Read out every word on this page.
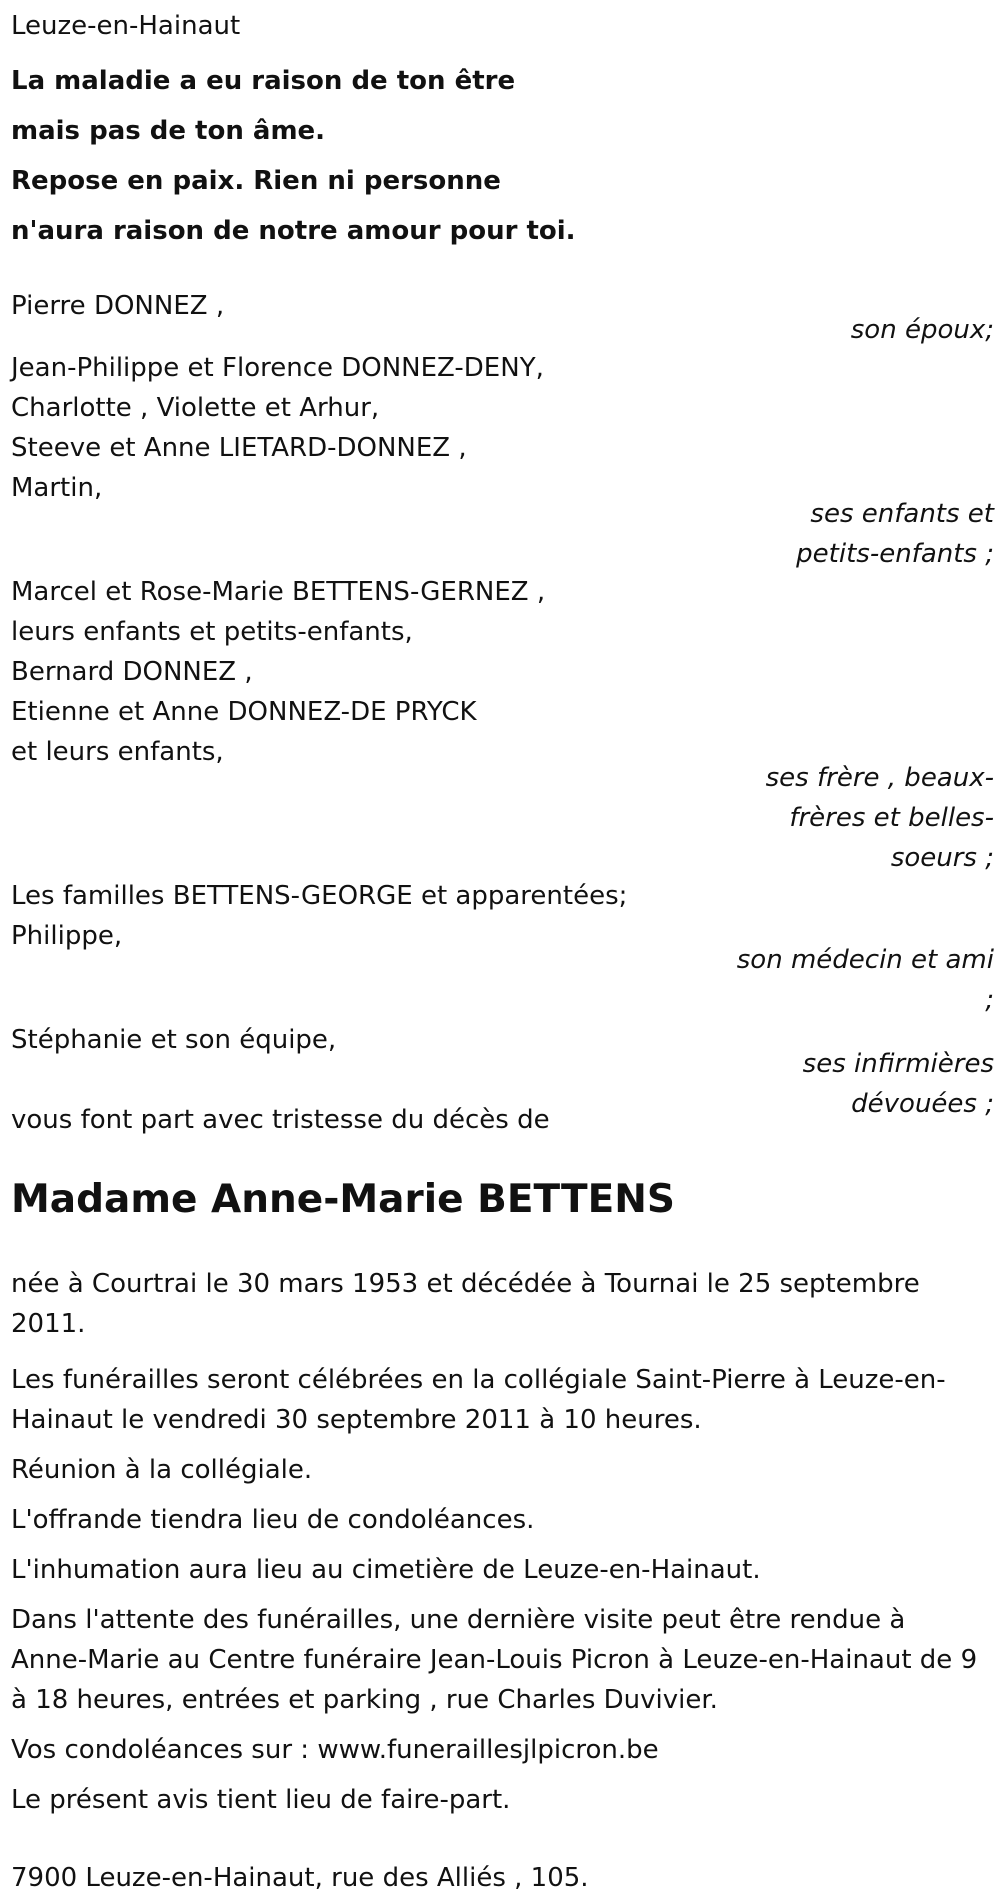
Leuze-en-Hainaut

La maladie a eu raison de ton être
mais pas de ton âme.
Repose en paix. Rien ni personne
n'aura raison de notre amour pour toi.
Pierre DONNEZ ,
son époux;
Jean-Philippe et Florence DONNEZ-DENY,
Charlotte , Violette et Arhur,
Steeve et Anne LIETARD-DONNEZ ,
Martin,
ses enfants et
petits-enfants ;
Marcel et Rose-Marie BETTENS-GERNEZ ,
leurs enfants et petits-enfants,
Bernard DONNEZ ,
Etienne et Anne DONNEZ-DE PRYCK
et leurs enfants,
ses frère , beaux-
frères et belles-
soeurs ;
Les familles BETTENS-GEORGE et apparentées;
Philippe,
son médecin et ami
;
Stéphanie et son équipe,
ses infirmières
dévouées ;
vous font part avec tristesse du décès de
Madame Anne-Marie BETTENS

née à Courtrai le 30 mars 1953 et décédée à Tournai le 25 septembre 2011.

Les funérailles seront célébrées en la collégiale Saint-Pierre à Leuze-en-Hainaut le vendredi 30 septembre 2011 à 10 heures.

Réunion à la collégiale.

L'offrande tiendra lieu de condoléances.

L'inhumation aura lieu au cimetière de Leuze-en-Hainaut.

Dans l'attente des funérailles, une dernière visite peut être rendue à Anne-Marie au Centre funéraire Jean-Louis Picron à Leuze-en-Hainaut de 9 à 18 heures, entrées et parking , rue Charles Duvivier.

Vos condoléances sur : www.funeraillesjlpicron.be

Le présent avis tient lieu de faire-part.

7900 Leuze-en-Hainaut, rue des Alliés , 105.
